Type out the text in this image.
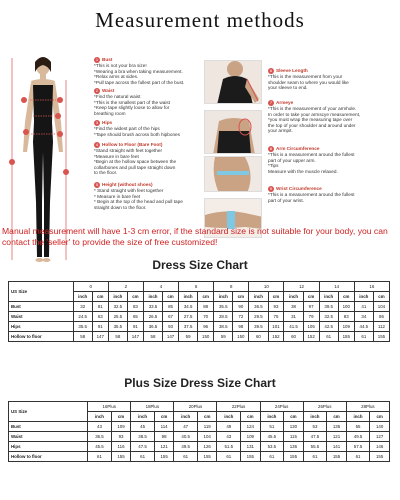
Measurement methods
1 Bust
*This is not your bra size!
*Wearing a bra when taking measurement.
*Relax arms at sides.
*Pull tape across the fullest part of the bust.
2 Waist
*Find the natural waist
*This is the smallest part of the waist
*Keep tape slightly loose to allow for
breathing room
3 Hips
*Find the widest part of the hips
*Tape should brush across both hipbones
4 Hollow to Floor (Bare Foot)
*Stand straight with feet together
*Measure in bare feet
*Begin at the hollow space between the
collarbones and pull tape straight down
to the floor.
5 Height (without shoes)
* Stand straight with feet together
* Measure in bare feet
* Begin at the top of the head and pull tape
straight down to the floor.
6 Sleeve Length
*This is the measurement from your
shoulder seam to where you would like
your sleeve to end.
7 Armeye
*This is the measurement of your armhole.
In order to take your armscye measurement,
*you must wrap the measuring tape over
the top of your shoulder and around under
your armpit.
8 Arm Circumference
*This is a measurement around the fullest
part of your upper arm.
*Tips
Measure with the muscle relaxed.
9 Wrist Circumference
*This is a measurement around the fullest
part of your wrist.
Manual measurement will have 1-3 cm error, if the standard size is not suitable for your body, you can contact the 'seller' to provide the size of free customized!
Dress Size Chart
US Size	0		2		4		6		8		10		12		14		16	
	inch	cm	inch	cm	inch	cm	inch	cm	inch	cm	inch	cm	inch	cm	inch	cm	inch	cm
Bust	32	81	32.5	83	33.5	85	34.5	88	35.5	90	36.5	93	38	97	39.5	100	41	104
Waist	24.5	63	25.5	65	26.5	67	27.5	70	28.5	72	29.5	75	31	79	32.5	83	34	86
Hips	35.5	91	35.5	91	36.5	93	37.5	96	38.5	98	39.5	101	41.5	105	42.5	109	44.5	112
Hollow to floor	58	147	58	147	58	147	59	150	59	150	60	152	60	152	61	155	61	155
Plus Size Dress Size Chart
US Size	16Plus		18Plus		20Plus		22Plus		24Plus		26Plus		28Plus	
	inch	cm	inch	cm	inch	cm	inch	cm	inch	cm	inch	cm	inch	cm
Bust	43	109	45	114	47	119	49	124	51	130	53	135	55	140
Waist	36.5	93	38.5	98	40.5	104	43	109	45.5	115	47.5	121	49.5	127
Hips	45.5	116	47.5	121	49.5	126	51.5	131	53.5	136	55.5	141	57.5	146
Hollow to floor	61	155	61	155	61	155	61	155	61	155	61	155	61	155
